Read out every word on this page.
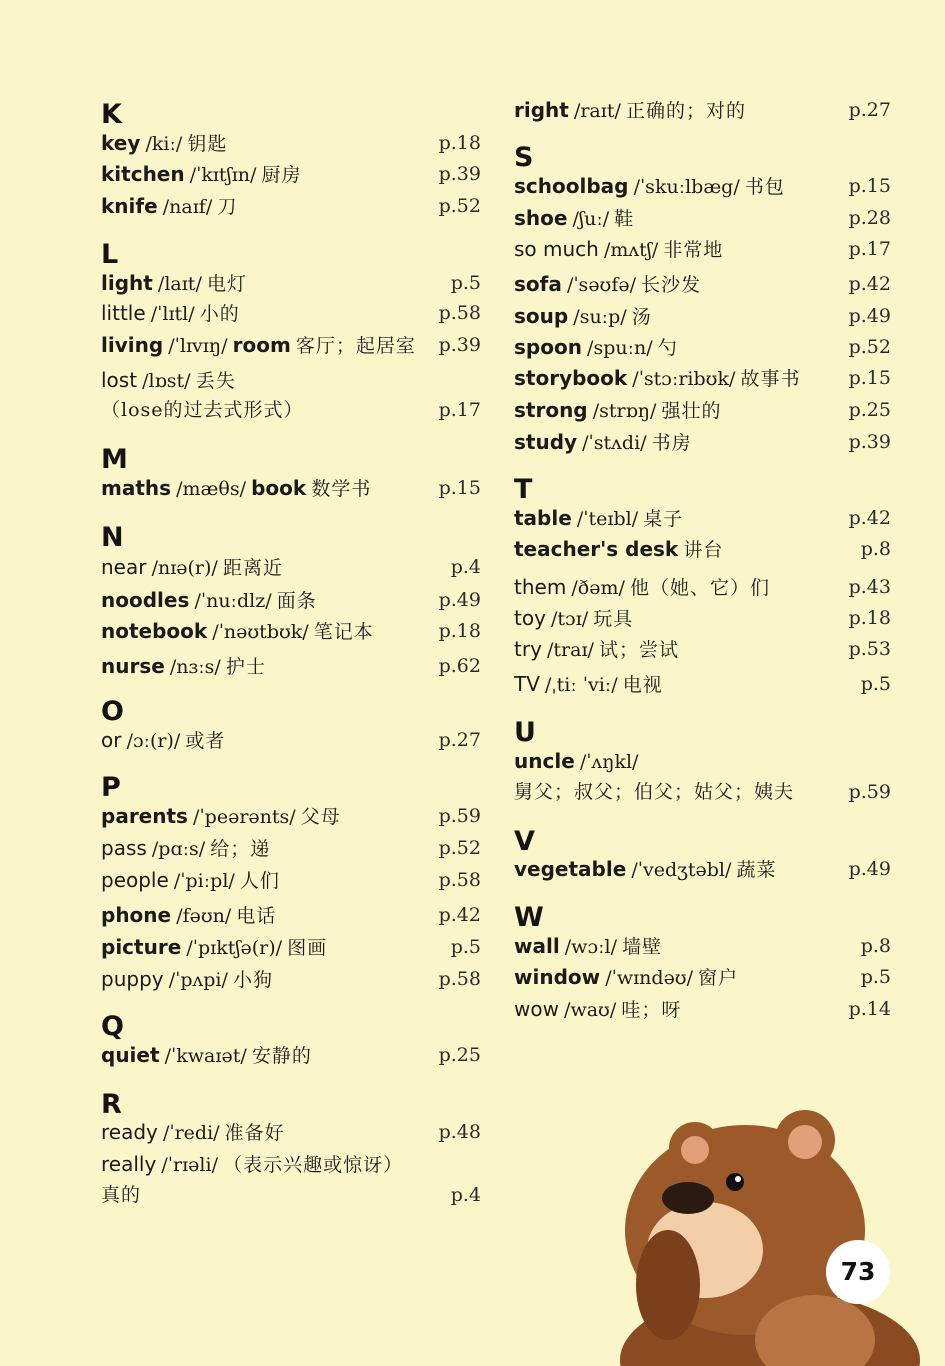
K
key /kiː/ 钥匙	p.18
kitchen /ˈkɪtʃɪn/ 厨房	p.39
knife /naɪf/ 刀	p.52
L
light /laɪt/ 电灯	p.5
little /ˈlɪtl/ 小的	p.58
living /ˈlɪvɪŋ/ room 客厅；起居室 p.39
lost /lɒst/ 丢失
（lose的过去式形式）	p.17
M
maths /mæθs/ book 数学书	p.15
N
near /nɪə(r)/ 距离近	p.4
noodles /ˈnuːdlz/ 面条	p.49
notebook /ˈnəʊtbʊk/ 笔记本	p.18
nurse /nɜːs/ 护士	p.62
O
or /ɔː(r)/ 或者	p.27
P
parents /ˈpeərənts/ 父母	p.59
pass /pɑːs/ 给；递	p.52
people /ˈpiːpl/ 人们	p.58
phone /fəʊn/ 电话	p.42
picture /ˈpɪktʃə(r)/ 图画	p.5
puppy /ˈpʌpi/ 小狗	p.58
Q
quiet /ˈkwaɪət/ 安静的	p.25
R
ready /ˈredi/ 准备好	p.48
really /ˈrɪəli/ （表示兴趣或惊讶）
真的	p.4
right /raɪt/ 正确的；对的	p.27
S
schoolbag /ˈskuːlbæg/ 书包	p.15
shoe /ʃuː/ 鞋	p.28
so much /mʌtʃ/ 非常地	p.17
sofa /ˈsəʊfə/ 长沙发	p.42
soup /suːp/ 汤	p.49
spoon /spuːn/ 勺	p.52
storybook /ˈstɔːribʊk/ 故事书	p.15
strong /strɒŋ/ 强壮的	p.25
study /ˈstʌdi/ 书房	p.39
T
table /ˈteɪbl/ 桌子	p.42
teacher's desk 讲台	p.8
them /ðəm/ 他（她、它）们	p.43
toy /tɔɪ/ 玩具	p.18
try /traɪ/ 试；尝试	p.53
TV /ˌtiː ˈviː/ 电视	p.5
U
uncle /ˈʌŋkl/
舅父；叔父；伯父；姑父；姨夫	p.59
V
vegetable /ˈvedʒtəbl/ 蔬菜	p.49
W
wall /wɔːl/ 墙壁	p.8
window /ˈwɪndəʊ/ 窗户	p.5
wow /waʊ/ 哇；呀	p.14
73
